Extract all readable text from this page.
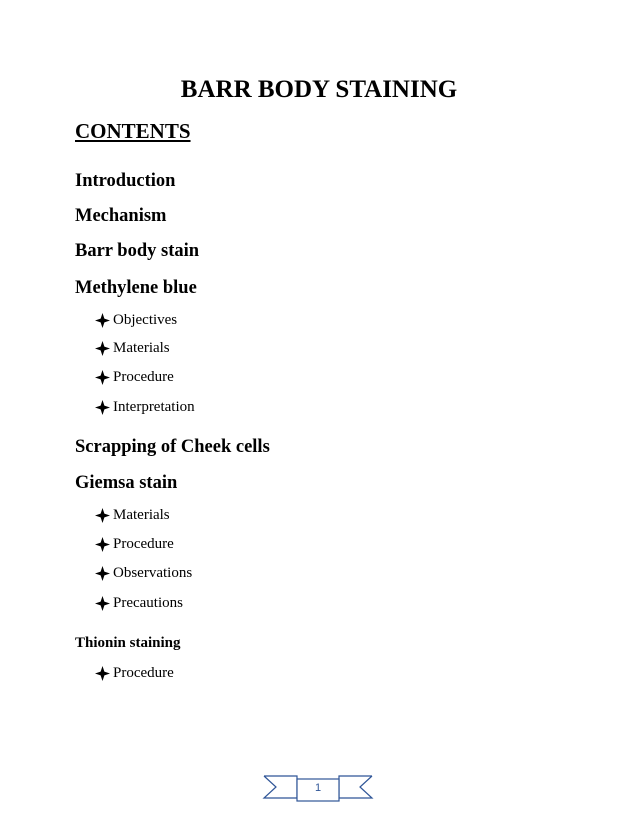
BARR BODY STAINING
CONTENTS
Introduction
Mechanism
Barr body stain
Methylene blue
Objectives
Materials
Procedure
Interpretation
Scrapping of Cheek cells
Giemsa stain
Materials
Procedure
Observations
Precautions
Thionin staining
Procedure
1
